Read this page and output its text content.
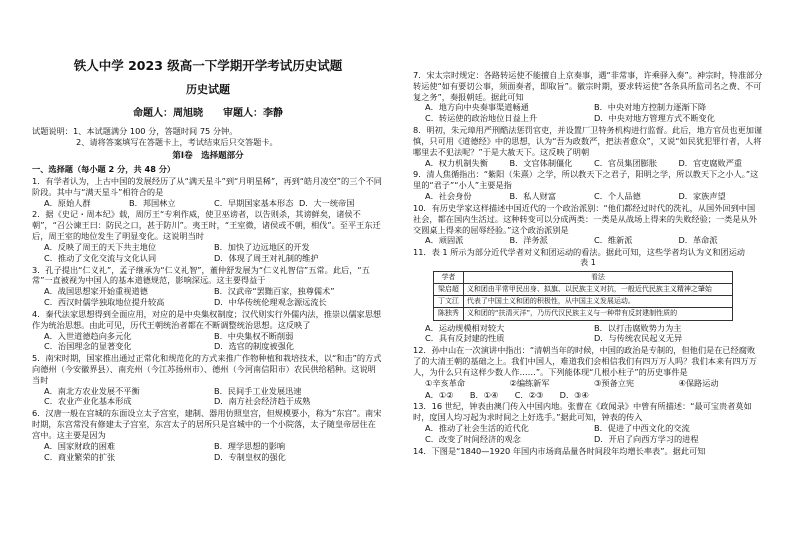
铁人中学 2023 级高一下学期开学考试历史试题
历史试题
命题人：周旭晓　　审题人：李静

试题说明：1、本试题满分 100 分，答题时间 75 分钟。

2、请将答案填写在答题卡上，考试结束后只交答题卡。

第Ⅰ卷　选择题部分
一、选择题（每小题 2 分，共 48 分）

1．有学者认为，上古中国的发展经历了从“满天星斗”到“月明星稀”，再到“皓月凌空”的三个不同阶段。其中与“满天星斗”相符合的是

A．原始人群	B．邦国林立	C．早期国家基本形态 D．大一统帝国

2．据《史记・周本纪》载，周厉王“专利作威，使卫巫谤者，以告则杀，其谤鲜矣，诸侯不朝”，“召公谏王曰：防民之口，甚于防川”。夷王时，“王室微，诸侯或不朝，相伐”。至平王东迁后，周王室的地位发生了明显变化。这说明当时

A．反映了周王的天下共主地位	B．加快了边远地区的开发
C．推动了文化交流与文化认同	D．体现了周王对礼制的维护

3．孔子提出“仁义礼”，孟子继承为“仁义礼智”，董仲舒发展为“仁义礼智信”五常。此后，“五常”一直被视为中国人的基本道德规范，影响深远。这主要得益于

A．战国思想家开始重视道德	B．汉武帝“罢黜百家，独尊儒术”
C．西汉时儒学独取地位提升较高	D．中华传统伦理观念源远流长

4．秦代法家思想得到全面应用，对应的是中央集权制度；汉代则实行外儒内法，推崇以儒家思想作为统治思想。由此可见，历代王朝统治者都在不断调整统治思想。这反映了

A．入世道德趋向多元化	B．中央集权不断削弱
C．治国理念的显著变化	D．选官的制度被强化

5．南宋时期，国家推出通过正常化和规范化的方式来推广作物种植和栽培技术，以“和击”的方式向德州（今安徽界县）、南充州（今江苏扬州市）、德州（今河南信阳市）农民供给稻种。这说明当时

A．南北方农业发展不平衡	B．民间手工业发展迅速
C．农业产业化基本形成	D．南方社会经济趋于成熟

6．汉唐一般在宫城的东面设立太子宫室，建制、器用仿照皇宫，但规模要小，称为“东宫”。南宋时期，东宫常没有修建太子宫室，东宫太子的居所只是宫城中的一个小院落，太子随皇帝居住在宫中。这主要是因为

A．国家财政的困难	B．理学思想的影响
C．商业繁荣的扩张	D．专制皇权的强化

7．宋太宗时规定：各路转运使不能擅自上京奏事，遇“非常事，许乘驿入奏”。神宗时，特准部分转运使“如有要切公事，须面奏者，即取旨”。徽宗时期，要求转运使“各条具所监司名之费、不可复之务”，奏报朝廷。据此可知

A．地方向中央奏事渠道畅通	B．中央对地方控制力逐渐下降
C．转运使的政治地位日益上升	D．中央对地方管理方式不断变化

8．明初，朱元璋用严刑酷法惩罚官吏，并设置厂卫特务机构进行监督。此后，地方官员也更加谨慎，只可用《道德经》中的思想，认为“吾为政数严，把法者愈众”，又说“如民犹犯罪行者，人将哪里去不犯法呢？”于是大赦天下。这反映了明朝

A．权力机制失衡	B．文官体制僵化	C．官员集团膨胀	D．官吏腐败严重

9．清人焦循指出：“紫阳（朱熹）之学，所以教天下之君子，阳明之学，所以教天下之小人。”这里的“君子”“小人”主要是指

A．社会身份	B．私人财富	C．个人品德	D．家族声望

10．有历史学家这样描述中国近代的一个政治派别：“他们都经过时代的洗礼，从国外回到中国社会，都在国内生活过。这种转变可以分成两类：一类是从战场上得来的失败经验；一类是从外交圆桌上得来的屈辱经验。”这个政治派别是

A．顽固派	B．洋务派	C．维新派	D．革命派

11．表 1 所示为部分近代学者对义和团运动的看法。据此可知，这些学者均认为义和团运动

表 1

学者	看法
梁启超	义和团由平常甲民出身、拟旗、以民族主义对抗，一般近代民族主义精神之肇始
丁文江	代表了中国土义和团的积极性，从中国主义发展运动。
陈独秀	义和团的“扶清灭洋”，乃历代汉民族主义与一种带有反封建制性质的
A．运动规模相对较大	B．以打击腐败势力为主
C．具有反封建的性质	D．与传统农民起义无异

12．孙中山在一次演讲中指出：“清朝当年的时候，中国的政治是专制的，但他们是在已经腐败了的大清王朝的基础之上。我们中国人，难道我们会相信我们有四万万人吗？我们本来有四万万人，为什么只有这样少数人作……”。下列能体现“几根小柱子”的历史事件是

①辛亥革命	②编练新军	③预备立宪	④保路运动

A．①②　　B．①④　　C．②③　　D．③④

13．16 世纪，钟表由澳门传入中国内地。张曹在《政闻录》中曾有所描述：“最可宝贵者莫如时，度国人均习起为求时间之上好选手。”据此可知，钟表的传入

A．推动了社会生活的近代化	B．促进了中西文化的交流
C．改变了时间经济的观念	D．开启了向西方学习的进程

14．下图是“1840—1920 年国内市场商品量各时间段年均增长率表”。据此可知
